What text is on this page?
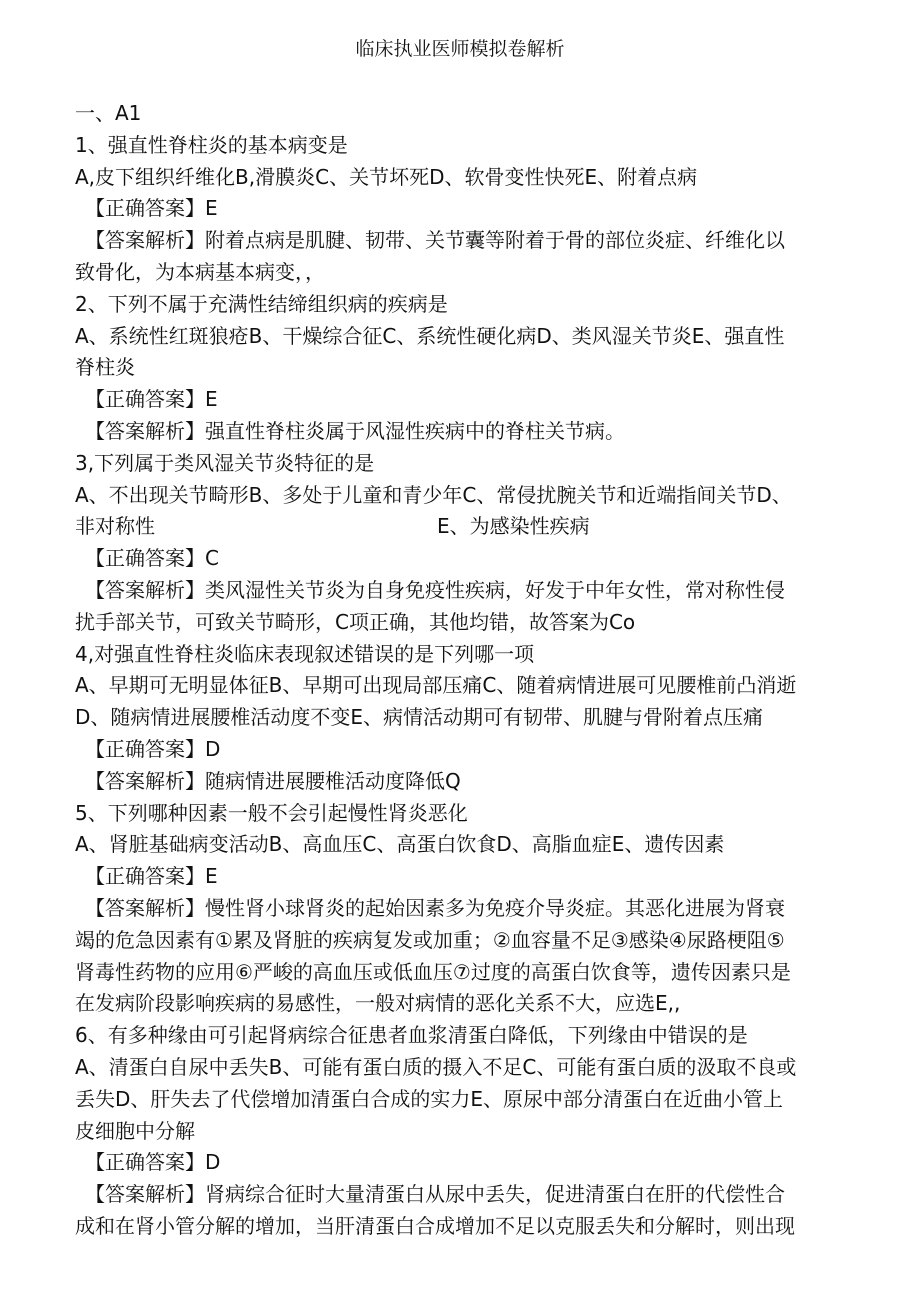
临床执业医师模拟卷解析
一、A1
1、强直性脊柱炎的基本病变是
A,皮下组织纤维化B,滑膜炎C、关节坏死D、软骨变性快死E、附着点病
【正确答案】E
【答案解析】附着点病是肌腱、韧带、关节囊等附着于骨的部位炎症、纤维化以
致骨化，为本病基本病变，，
2、下列不属于充满性结缔组织病的疾病是
A、系统性红斑狼疮B、干燥综合征C、系统性硬化病D、类风湿关节炎E、强直性
脊柱炎
【正确答案】E
【答案解析】强直性脊柱炎属于风湿性疾病中的脊柱关节病。
3,下列属于类风湿关节炎特征的是
A、不出现关节畸形B、多处于儿童和青少年C、常侵扰腕关节和近端指间关节D、
非对称性	E、为感染性疾病
【正确答案】C
【答案解析】类风湿性关节炎为自身免疫性疾病，好发于中年女性，常对称性侵
扰手部关节，可致关节畸形，C项正确，其他均错，故答案为Co
4,对强直性脊柱炎临床表现叙述错误的是下列哪一项
A、早期可无明显体征B、早期可出现局部压痛C、随着病情进展可见腰椎前凸消逝
D、随病情进展腰椎活动度不变E、病情活动期可有韧带、肌腱与骨附着点压痛
【正确答案】D
【答案解析】随病情进展腰椎活动度降低Q
5、下列哪种因素一般不会引起慢性肾炎恶化
A、肾脏基础病变活动B、高血压C、高蛋白饮食D、高脂血症E、遗传因素
【正确答案】E
【答案解析】慢性肾小球肾炎的起始因素多为免疫介导炎症。其恶化进展为肾衰
竭的危急因素有①累及肾脏的疾病复发或加重；②血容量不足③感染④尿路梗阻⑤
肾毒性药物的应用⑥严峻的高血压或低血压⑦过度的高蛋白饮食等，遗传因素只是
在发病阶段影响疾病的易感性，一般对病情的恶化关系不大，应选E,,
6、有多种缘由可引起肾病综合征患者血浆清蛋白降低，下列缘由中错误的是
A、清蛋白自尿中丢失B、可能有蛋白质的摄入不足C、可能有蛋白质的汲取不良或
丢失D、肝失去了代偿增加清蛋白合成的实力E、原尿中部分清蛋白在近曲小管上
皮细胞中分解
【正确答案】D
【答案解析】肾病综合征时大量清蛋白从尿中丢失，促进清蛋白在肝的代偿性合
成和在肾小管分解的增加，当肝清蛋白合成增加不足以克服丢失和分解时，则出现
